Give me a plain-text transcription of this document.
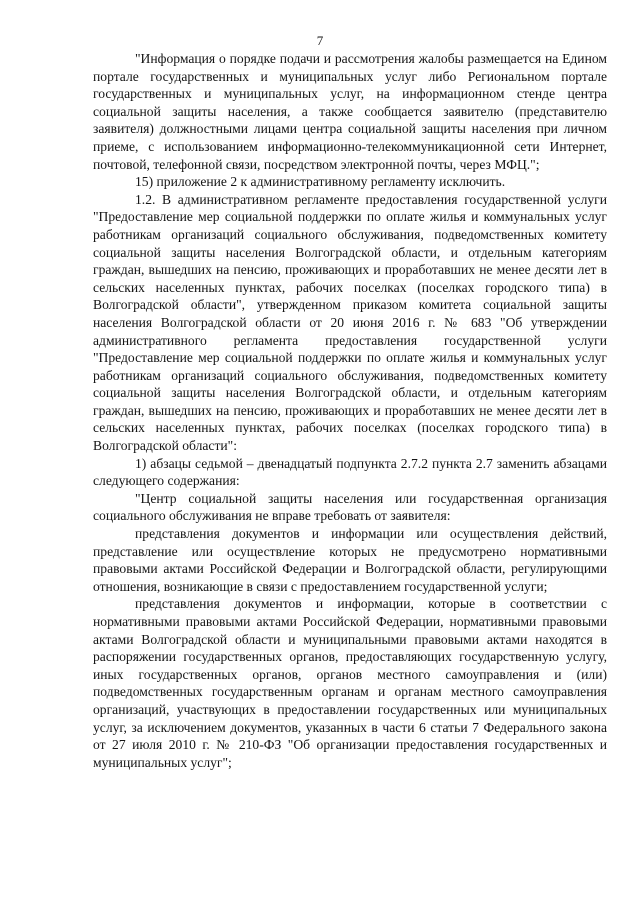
7

"Информация о порядке подачи и рассмотрения жалобы размещается на Едином портале государственных и муниципальных услуг либо Региональном портале государственных и муниципальных услуг, на информационном стенде центра социальной защиты населения, а также сообщается заявителю (представителю заявителя) должностными лицами центра социальной защиты населения при личном приеме, с использованием информационно-телекоммуникационной сети Интернет, почтовой, телефонной связи, посредством электронной почты, через МФЦ.";

15) приложение 2 к административному регламенту исключить.

1.2. В административном регламенте предоставления государственной услуги "Предоставление мер социальной поддержки по оплате жилья и коммунальных услуг работникам организаций социального обслуживания, подведомственных комитету социальной защиты населения Волгоградской области, и отдельным категориям граждан, вышедших на пенсию, проживающих и проработавших не менее десяти лет в сельских населенных пунктах, рабочих поселках (поселках городского типа) в Волгоградской области", утвержденном приказом комитета социальной защиты населения Волгоградской области от 20 июня 2016 г. № 683 "Об утверждении административного регламента предоставления государственной услуги "Предоставление мер социальной поддержки по оплате жилья и коммунальных услуг работникам организаций социального обслуживания, подведомственных комитету социальной защиты населения Волгоградской области, и отдельным категориям граждан, вышедших на пенсию, проживающих и проработавших не менее десяти лет в сельских населенных пунктах, рабочих поселках (поселках городского типа) в Волгоградской области":

1) абзацы седьмой – двенадцатый подпункта 2.7.2 пункта 2.7 заменить абзацами следующего содержания:

"Центр социальной защиты населения или государственная организация социального обслуживания не вправе требовать от заявителя:

представления документов и информации или осуществления действий, представление или осуществление которых не предусмотрено нормативными правовыми актами Российской Федерации и Волгоградской области, регулирующими отношения, возникающие в связи с предоставлением государственной услуги;

представления документов и информации, которые в соответствии с нормативными правовыми актами Российской Федерации, нормативными правовыми актами Волгоградской области и муниципальными правовыми актами находятся в распоряжении государственных органов, предоставляющих государственную услугу, иных государственных органов, органов местного самоуправления и (или) подведомственных государственным органам и органам местного самоуправления организаций, участвующих в предоставлении государственных или муниципальных услуг, за исключением документов, указанных в части 6 статьи 7 Федерального закона от 27 июля 2010 г. № 210-ФЗ "Об организации предоставления государственных и муниципальных услуг";
